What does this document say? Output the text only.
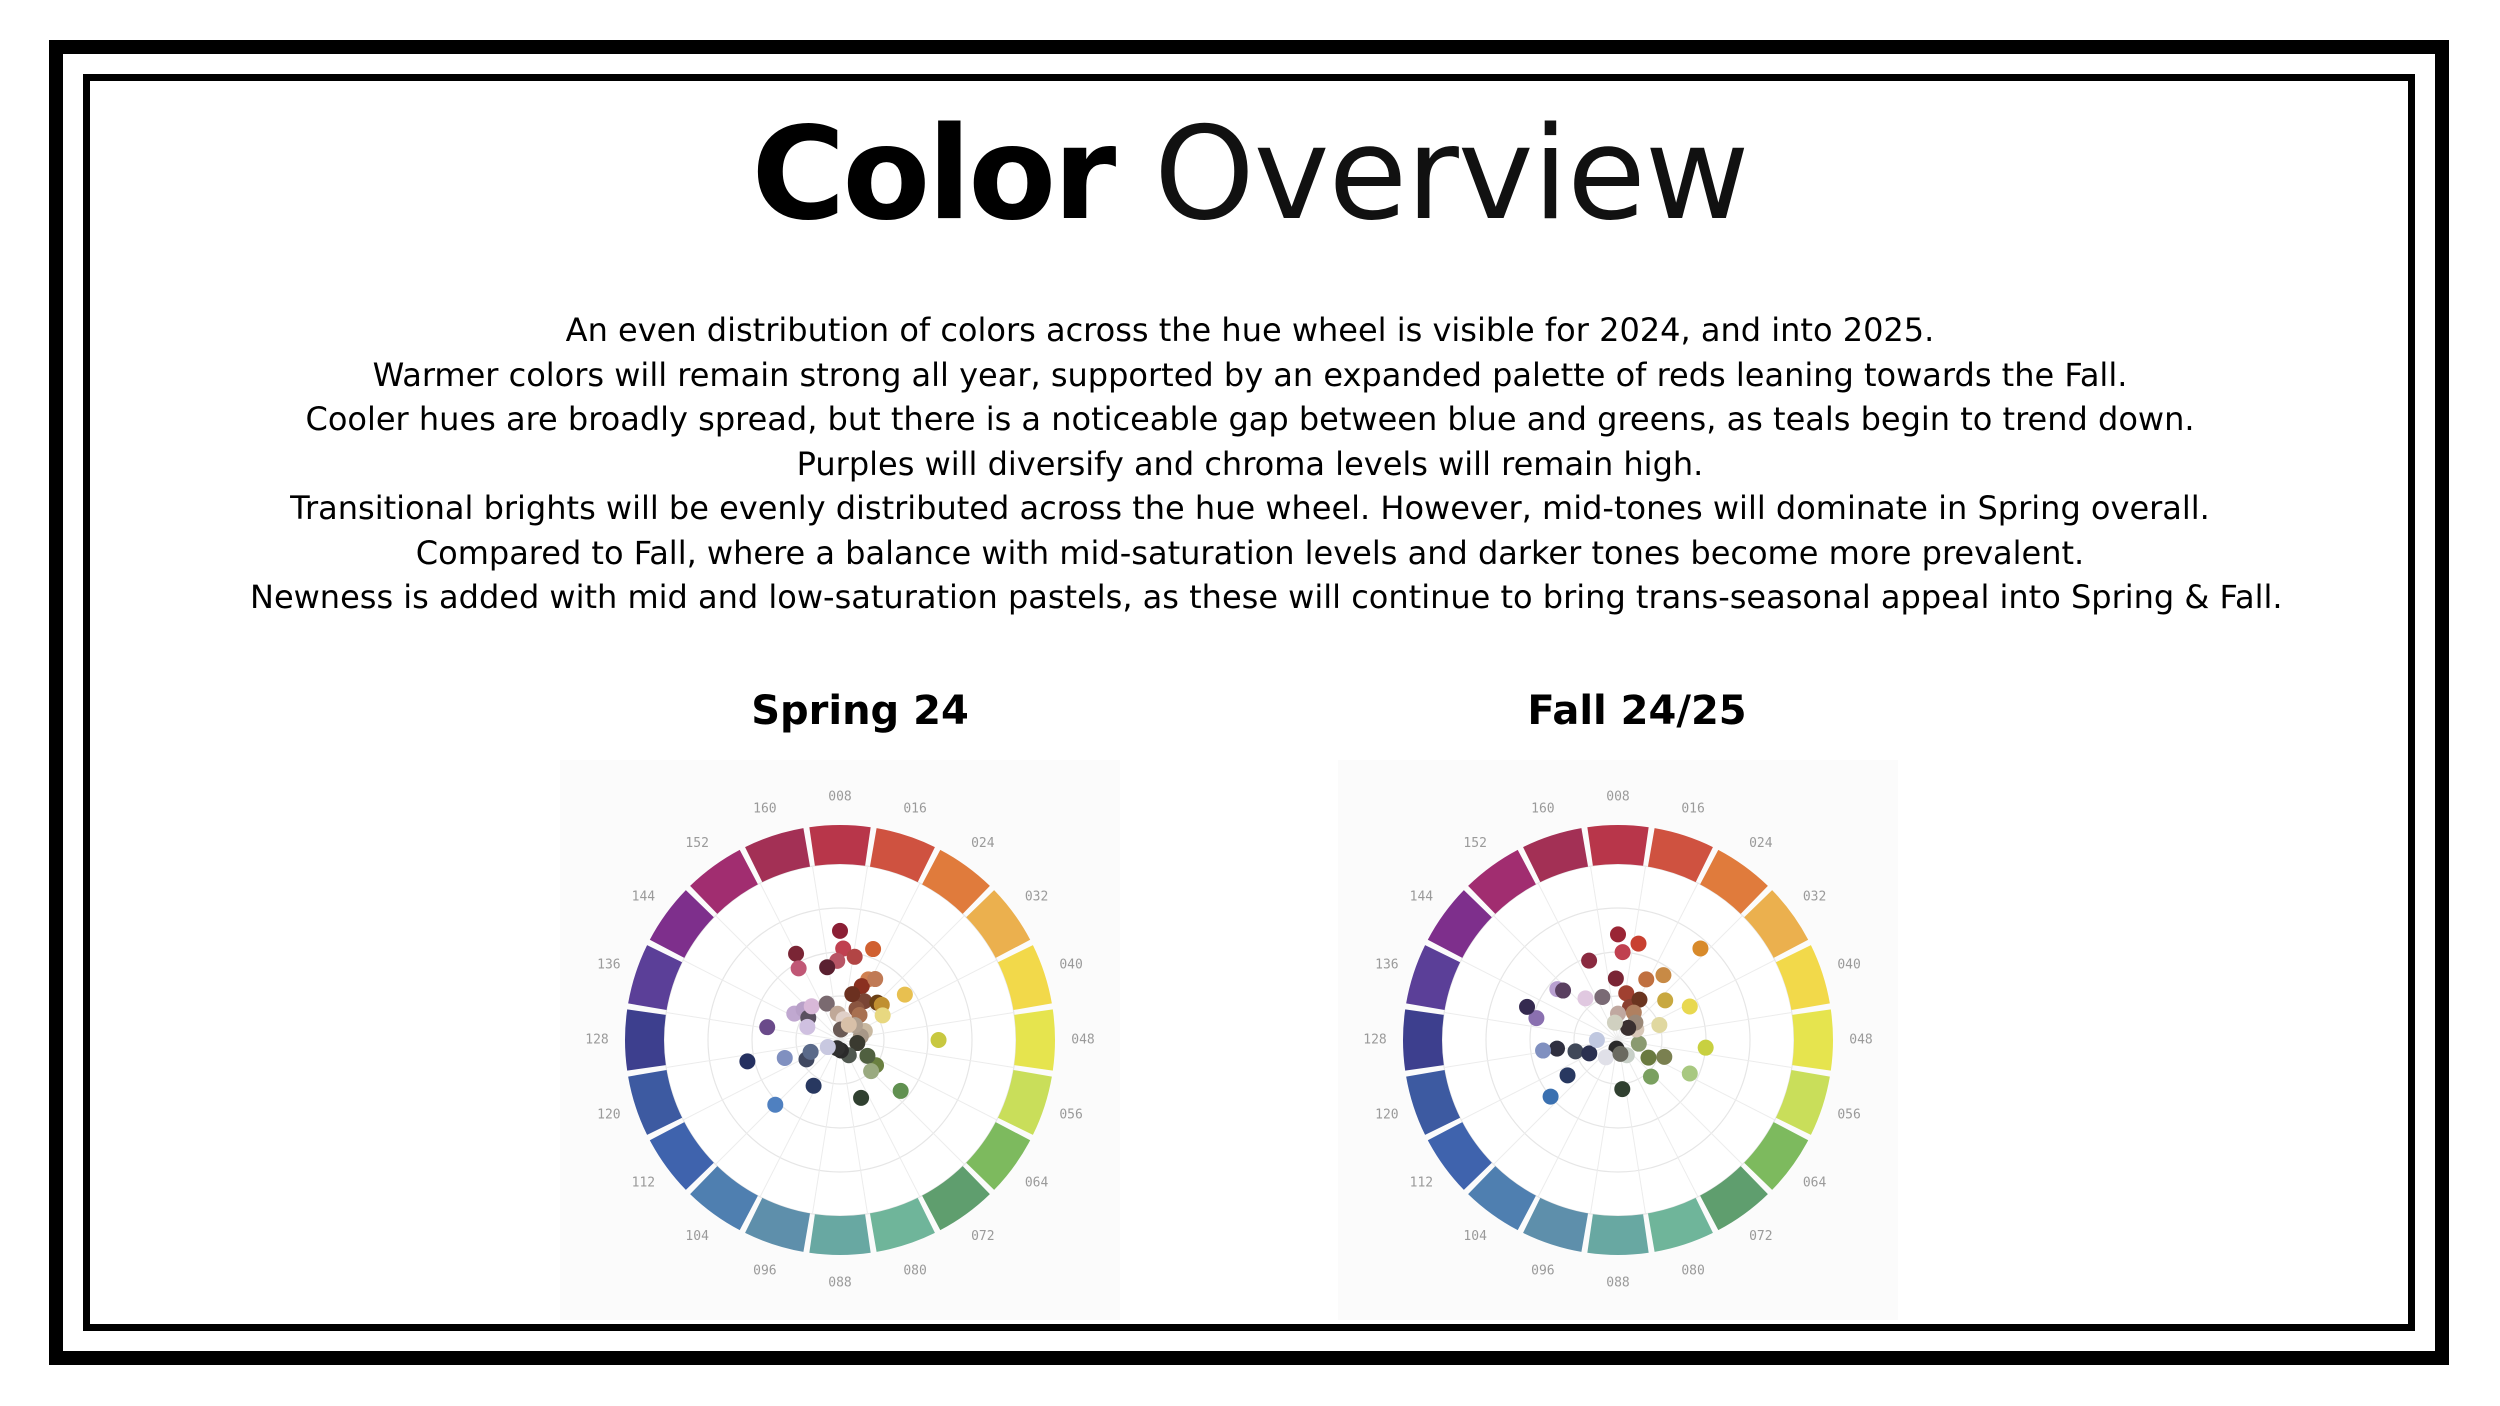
Color Overview
An even distribution of colors across the hue wheel is visible for 2024, and into 2025.
Warmer colors will remain strong all year, supported by an expanded palette of reds leaning towards the Fall.
Cooler hues are broadly spread, but there is a noticeable gap between blue and greens, as teals begin to trend down.
Purples will diversify and chroma levels will remain high.
Transitional brights will be evenly distributed across the hue wheel. However, mid-tones will dominate in Spring overall.
Compared to Fall, where a balance with mid-saturation levels and darker tones become more prevalent.
Newness is added with mid and low-saturation pastels, as these will continue to bring trans-seasonal appeal into Spring & Fall.
Spring 24	Fall 24/25
008
016
024
032
040
048
056
064
072
080
088
096
104
112
120
128
136
144
152
160
008
016
024
032
040
048
056
064
072
080
088
096
104
112
120
128
136
144
152
160
